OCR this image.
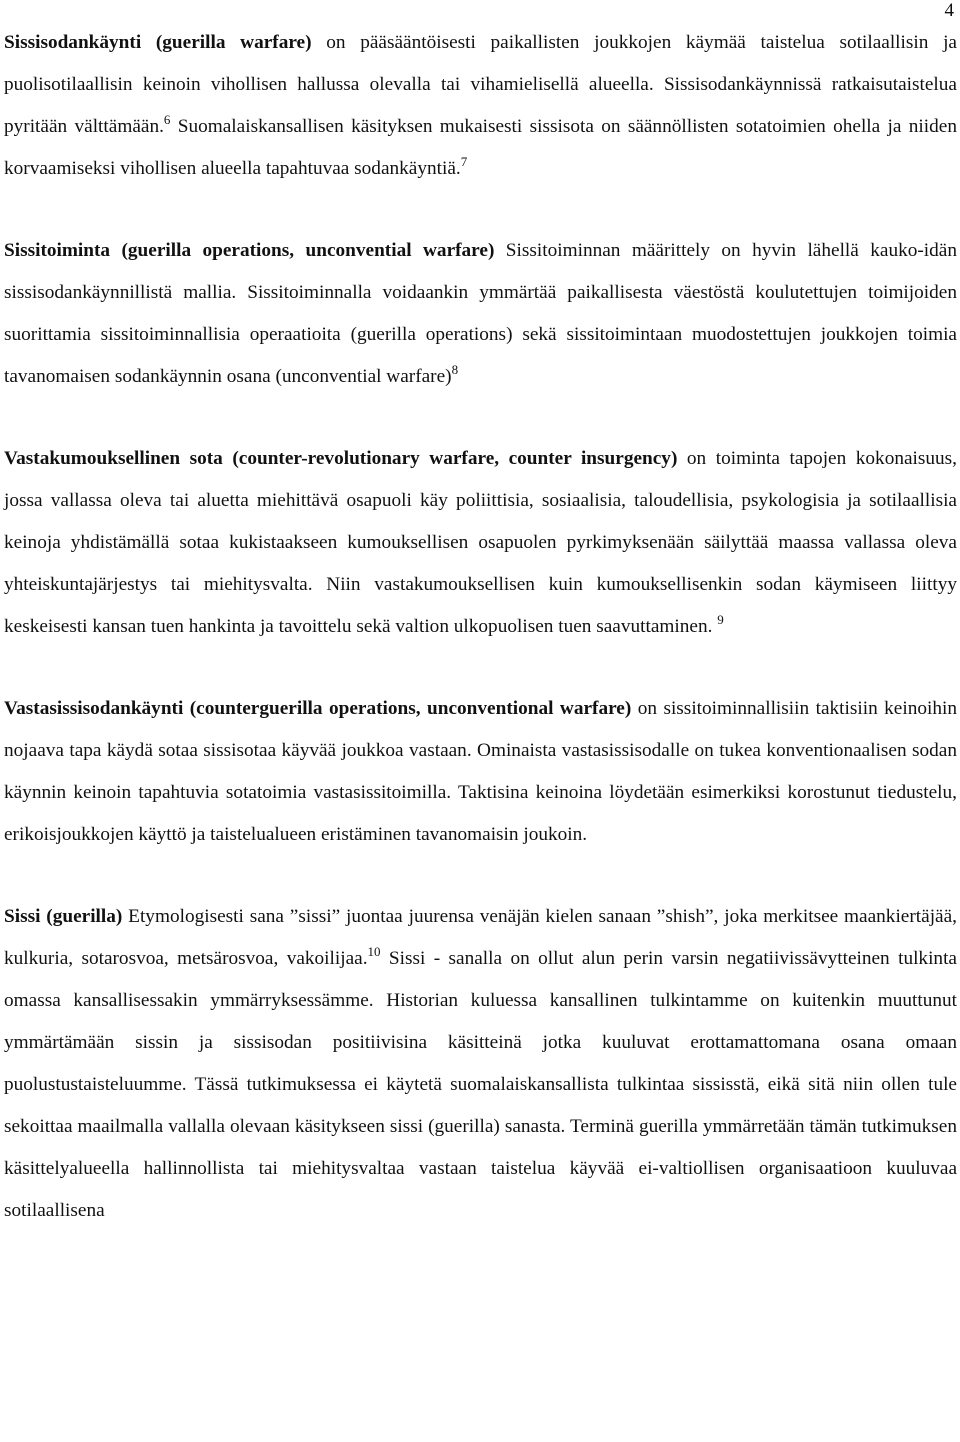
4

Sissisodankäynti (guerilla warfare) on pääsääntöisesti paikallisten joukkojen käymää taistelua sotilaallisin ja puolisotilaallisin keinoin vihollisen hallussa olevalla tai vihamielisellä alueella. Sissisodankäynnissä ratkaisutaistelua pyritään välttämään.$^6$ Suomalaiskansallisen käsityksen mukaisesti sissisota on säännöllisten sotatoimien ohella ja niiden korvaamiseksi vihollisen alueella tapahtuvaa sodankäyntiä.$^7$

Sissitoiminta (guerilla operations, unconvential warfare) Sissitoiminnan määrittely on hyvin lähellä kauko-idän sissisodankäynnillistä mallia. Sissitoiminnalla voidaankin ymmärtää paikallisesta väestöstä koulutettujen toimijoiden suorittamia sissitoiminnallisia operaatioita (guerilla operations) sekä sissitoimintaan muodostettujen joukkojen toimia tavanomaisen sodankäynnin osana (unconvential warfare)$^8$

Vastakumouksellinen sota (counter-revolutionary warfare, counter insurgency) on toiminta tapojen kokonaisuus, jossa vallassa oleva tai aluetta miehittävä osapuoli käy poliittisia, sosiaalisia, taloudellisia, psykologisia ja sotilaallisia keinoja yhdistämällä sotaa kukistaakseen kumouksellisen osapuolen pyrkimyksenään säilyttää maassa vallassa oleva yhteiskuntajärjestys tai miehitysvalta. Niin vastakumouksellisen kuin kumouksellisenkin sodan käymiseen liittyy keskeisesti kansan tuen hankinta ja tavoittelu sekä valtion ulkopuolisen tuen saavuttaminen. $^9$

Vastasissisodankäynti (counterguerilla operations, unconventional warfare) on sissitoiminnallisiin taktisiin keinoihin nojaava tapa käydä sotaa sissisotaa käyvää joukkoa vastaan. Ominaista vastasissisodalle on tukea konventionaalisen sodan käynnin keinoin tapahtuvia sotatoimia vastasissitoimilla. Taktisina keinoina löydetään esimerkiksi korostunut tiedustelu, erikoisjoukkojen käyttö ja taistelualueen eristäminen tavanomaisin joukoin.

Sissi (guerilla) Etymologisesti sana ”sissi” juontaa juurensa venäjän kielen sanaan ”shish”, joka merkitsee maankiertäjää, kulkuria, sotarosvoa, metsärosvoa, vakoilijaa.$^{10}$ Sissi - sanalla on ollut alun perin varsin negatiivissävytteinen tulkinta omassa kansallisessakin ymmärryksessämme. Historian kuluessa kansallinen tulkintamme on kuitenkin muuttunut ymmärtämään sissin ja sissisodan positiivisina käsitteinä jotka kuuluvat erottamattomana osana omaan puolustustaisteluumme. Tässä tutkimuksessa ei käytetä suomalaiskansallista tulkintaa sississtä, eikä sitä niin ollen tule sekoittaa maailmalla vallalla olevaan käsitykseen sissi (guerilla) sanasta. Terminä guerilla ymmärretään tämän tutkimuksen käsittelyalueella hallinnollista tai miehitysvaltaa vastaan taistelua käyvää ei-valtiollisen organisaatioon kuuluvaa sotilaallisena
